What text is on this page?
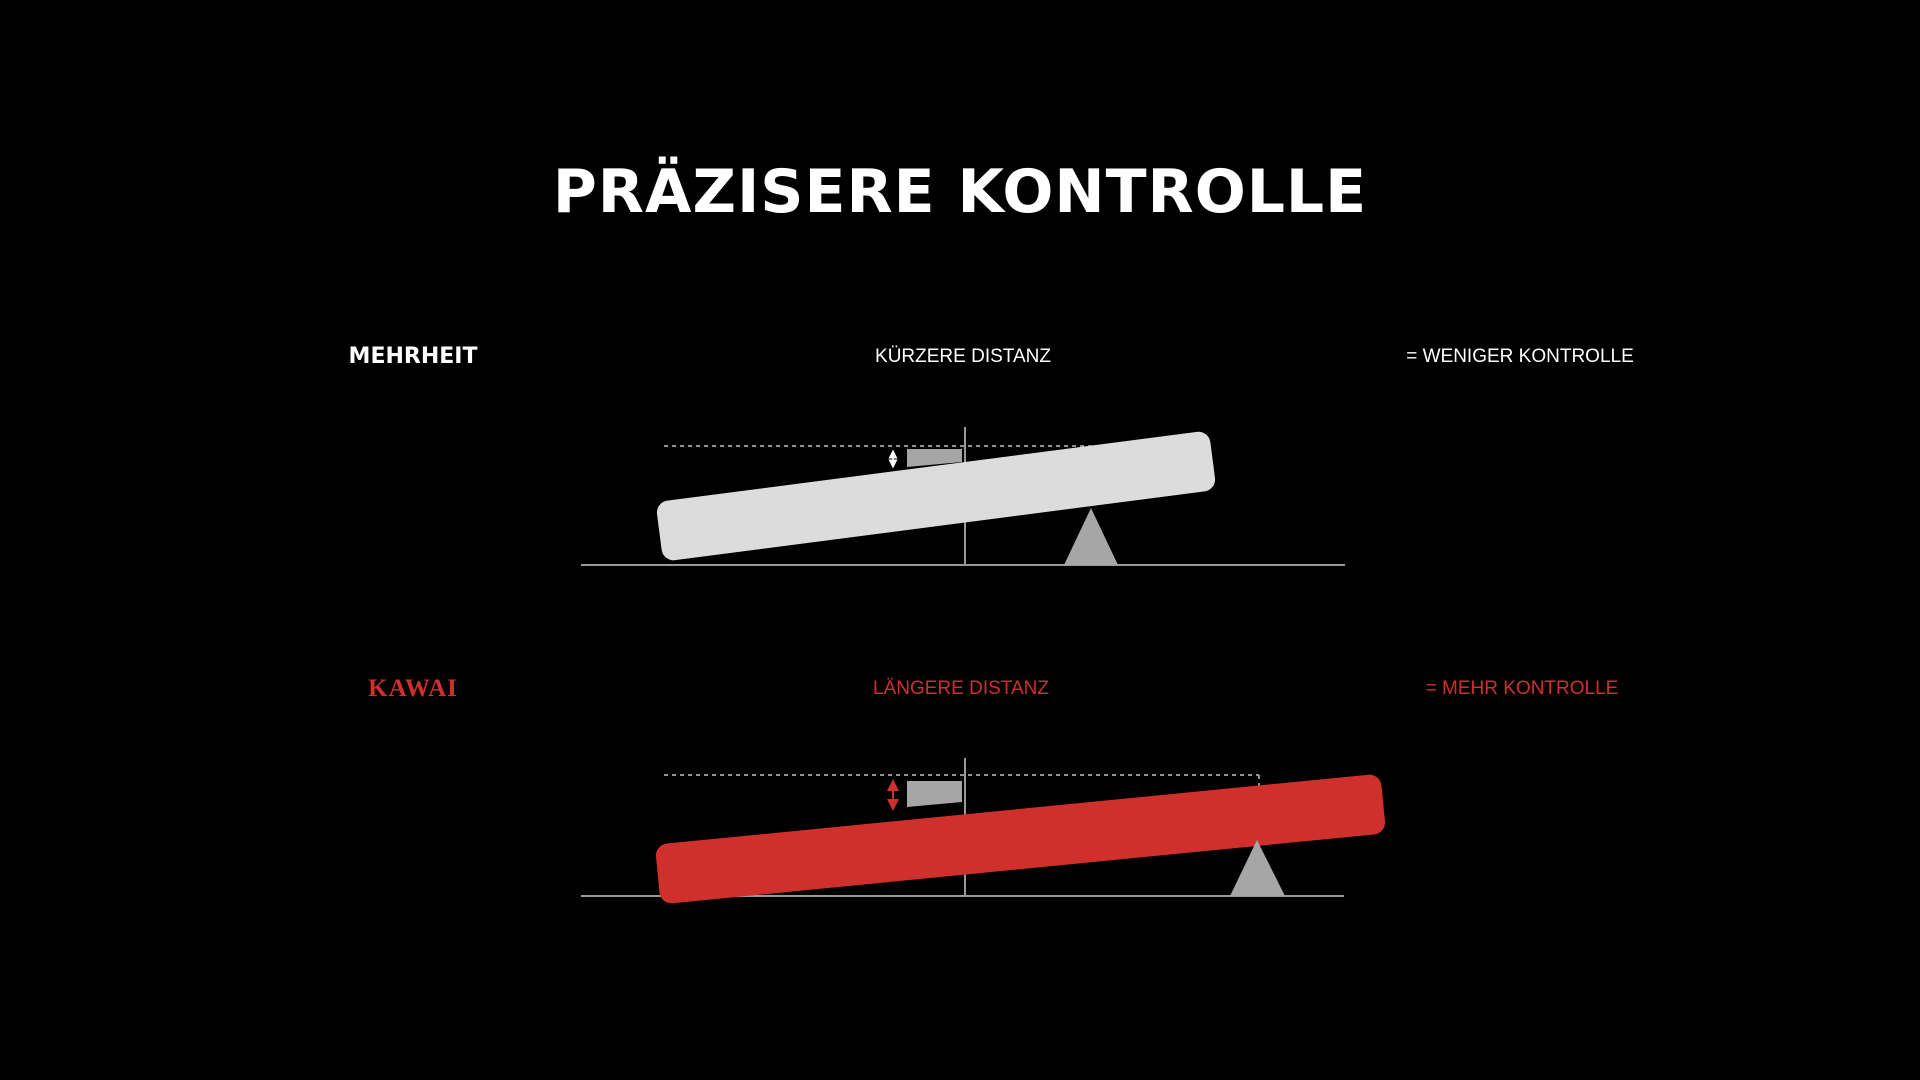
PRÄZISERE KONTROLLE
MEHRHEIT	KÜRZERE DISTANZ	= WENIGER KONTROLLE
KAWAI	LÄNGERE DISTANZ	= MEHR KONTROLLE
